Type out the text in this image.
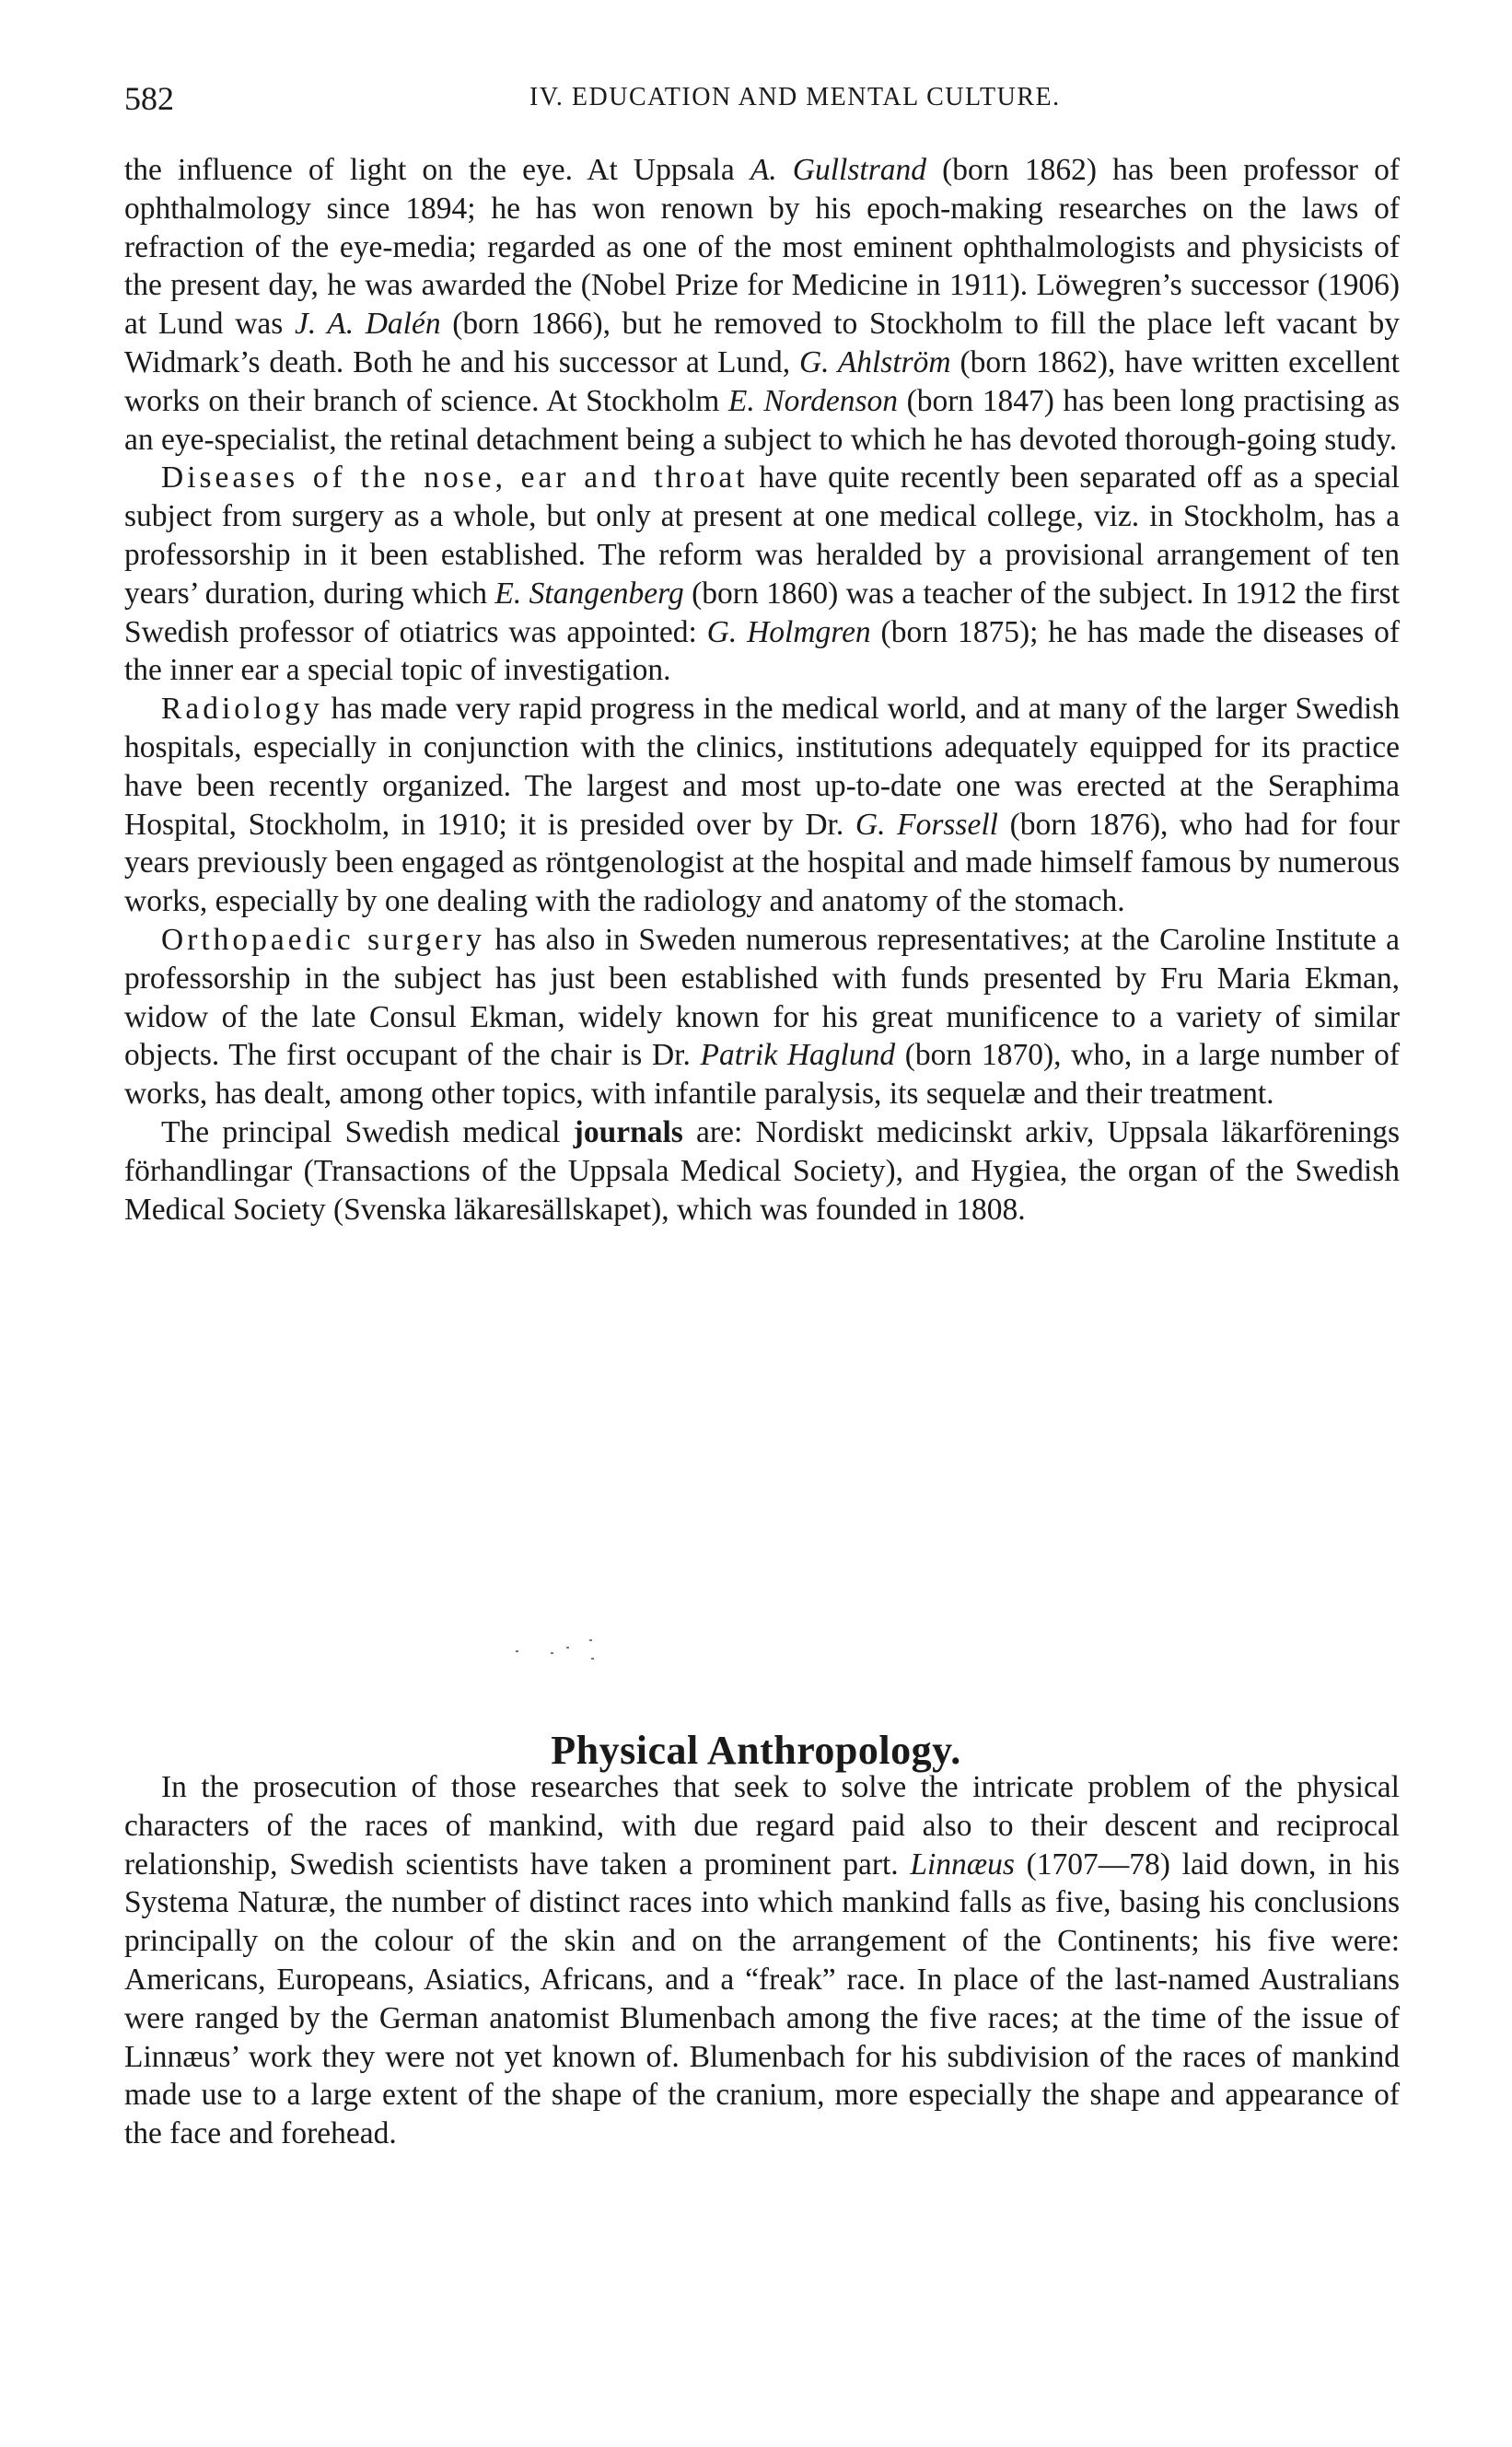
582	IV. EDUCATION AND MENTAL CULTURE.

the influence of light on the eye. At Uppsala A. Gullstrand (born 1862) has been professor of ophthalmology since 1894; he has won renown by his epoch-making researches on the laws of refraction of the eye-media; regarded as one of the most eminent ophthalmologists and physicists of the present day, he was awarded the (Nobel Prize for Medicine in 1911). Löwegren’s successor (1906) at Lund was J. A. Dalén (born 1866), but he removed to Stockholm to fill the place left vacant by Widmark’s death. Both he and his successor at Lund, G. Ahlström (born 1862), have written excellent works on their branch of science. At Stockholm E. Nordenson (born 1847) has been long practising as an eye-specialist, the retinal detachment being a subject to which he has devoted thorough-going study.

Diseases of the nose, ear and throat have quite recently been separated off as a special subject from surgery as a whole, but only at present at one medical college, viz. in Stockholm, has a professorship in it been established. The reform was heralded by a provisional arrangement of ten years’ duration, during which E. Stangenberg (born 1860) was a teacher of the subject. In 1912 the first Swedish professor of otiatrics was appointed: G. Holmgren (born 1875); he has made the diseases of the inner ear a special topic of investigation.

Radiology has made very rapid progress in the medical world, and at many of the larger Swedish hospitals, especially in conjunction with the clinics, institutions adequately equipped for its practice have been recently organized. The largest and most up-to-date one was erected at the Seraphima Hospital, Stockholm, in 1910; it is presided over by Dr. G. Forssell (born 1876), who had for four years previously been engaged as röntgenologist at the hospital and made himself famous by numerous works, especially by one dealing with the radiology and anatomy of the stomach.

Orthopaedic surgery has also in Sweden numerous representatives; at the Caroline Institute a professorship in the subject has just been established with funds presented by Fru Maria Ekman, widow of the late Consul Ekman, widely known for his great munificence to a variety of similar objects. The first occupant of the chair is Dr. Patrik Haglund (born 1870), who, in a large number of works, has dealt, among other topics, with infantile paralysis, its sequelæ and their treatment.

The principal Swedish medical journals are: Nordiskt medicinskt arkiv, Uppsala läkarförenings förhandlingar (Transactions of the Uppsala Medical Society), and Hygiea, the organ of the Swedish Medical Society (Svenska läkaresällskapet), which was founded in 1808.

Physical Anthropology.

In the prosecution of those researches that seek to solve the intricate problem of the physical characters of the races of mankind, with due regard paid also to their descent and reciprocal relationship, Swedish scientists have taken a prominent part. Linnæus (1707—78) laid down, in his Systema Naturæ, the number of distinct races into which mankind falls as five, basing his conclusions principally on the colour of the skin and on the arrangement of the Continents; his five were: Americans, Europeans, Asiatics, Africans, and a “freak” race. In place of the last-named Australians were ranged by the German anatomist Blumenbach among the five races; at the time of the issue of Linnæus’ work they were not yet known of. Blumenbach for his subdivision of the races of mankind made use to a large extent of the shape of the cranium, more especially the shape and appearance of the face and forehead.
